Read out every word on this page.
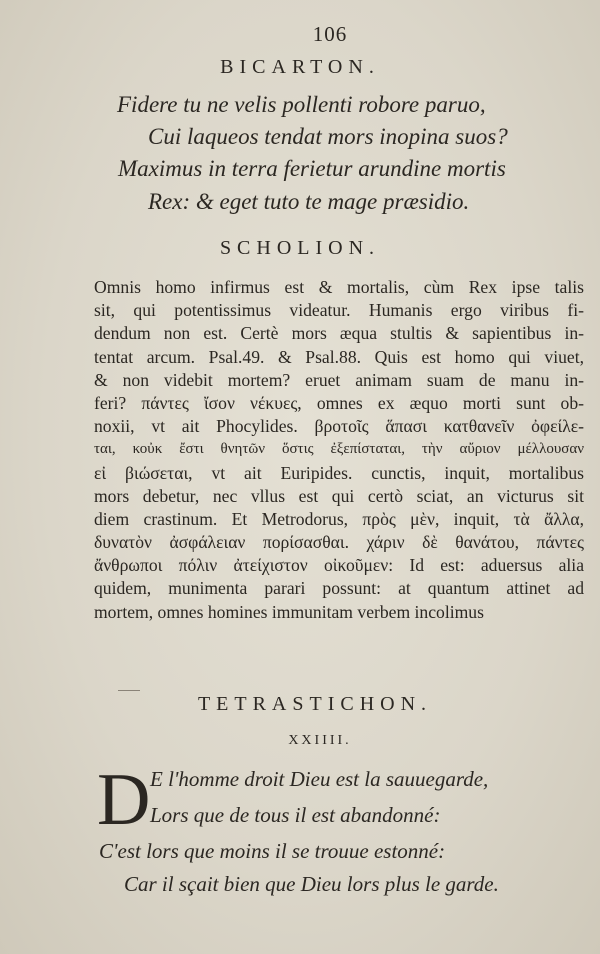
106
BICARTON.
Fidere tu ne velis pollenti robore paruo,
Cui laqueos tendat mors inopina suos?
Maximus in terra ferietur arundine mortis
Rex: & eget tuto te mage præsidio.
SCHOLION.
Omnis homo infirmus est & mortalis, cùm Rex ipse talis
sit, qui potentissimus videatur. Humanis ergo viribus fi-
dendum non est. Certè mors æqua stultis & sapientibus in-
tentat arcum. Psal.49. & Psal.88. Quis est homo qui viuet,
& non videbit mortem? eruet animam suam de manu in-
feri? πάντες ἴσον νέκυες, omnes ex æquo morti sunt ob-
noxii, vt ait Phocylides. βροτοῖς ἅπασι κατθανεῖν ὀφείλε-
ται, κοὐκ ἔστι θνητῶν ὅστις ἐξεπίσταται, τὴν αὔριον μέλλουσαν
εἰ βιώσεται, vt ait Euripides. cunctis, inquit, mortalibus
mors debetur, nec vllus est qui certò sciat, an victurus sit
diem crastinum. Et Metrodorus, πρὸς μὲν, inquit, τὰ ἄλλα,
δυνατὸν ἀσφάλειαν πορίσασθαι. χάριν δὲ θανάτου, πάντες
ἄνθρωποι πόλιν ἀτείχιστον οἰκοῦμεν: Id est: aduersus alia
quidem, munimenta parari possunt: at quantum attinet ad
mortem, omnes homines immunitam verbem incolimus
TETRASTICHON.
XXIIII.
D E l'homme droit Dieu est la sauuegarde,
Lors que de tous il est abandonné:
C'est lors que moins il se trouue estonné:
Car il sçait bien que Dieu lors plus le garde.
